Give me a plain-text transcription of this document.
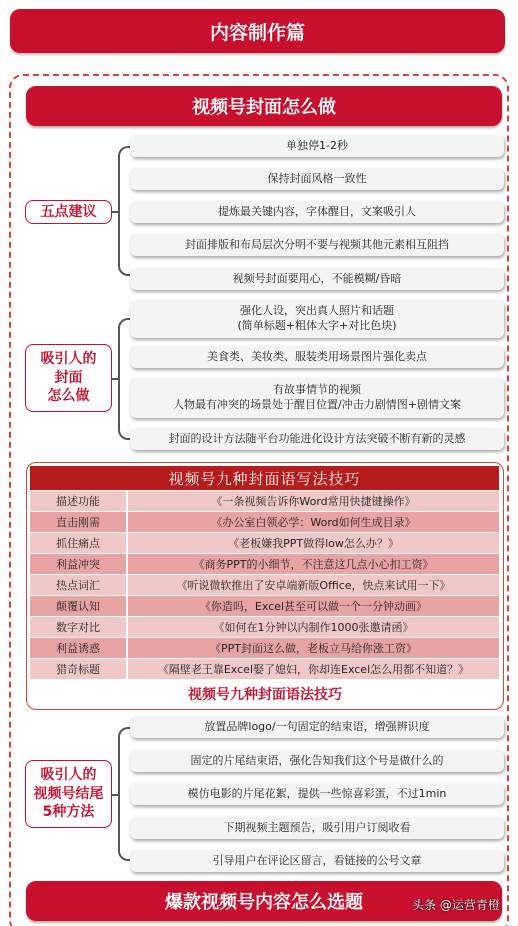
内容制作篇
视频号封面怎么做
五点建议
单独停1-2秒
保持封面风格一致性
提炼最关键内容，字体醒目，文案吸引人
封面排版和布局层次分明不要与视频其他元素相互阻挡
视频号封面要用心，不能模糊/昏暗
吸引人的
封面
怎么做
强化人设，突出真人照片和话题
(简单标题+粗体大字+对比色块)
美食类、美妆类、服装类用场景图片强化卖点
有故事情节的视频
人物最有冲突的场景处于醒目位置/冲击力剧情图+剧情文案
封面的设计方法随平台功能进化设计方法突破不断有新的灵感
视频号九种封面语写法技巧
描述功能	《一条视频告诉你Word常用快捷键操作》
直击刚需	《办公室白领必学：Word如何生成目录》
抓住痛点	《老板嫌我PPT做得low怎么办？》
利益冲突	《商务PPT的小细节，不注意这几点小心扣工资》
热点词汇	《听说微软推出了安卓端新版Office，快点来试用一下》
颠覆认知	《你造吗，Excel甚至可以做一个一分钟动画》
数字对比	《如何在1分钟以内制作1000张邀请函》
利益诱惑	《PPT封面这么做，老板立马给你涨工资》
猎奇标题	《隔壁老王靠Excel娶了媳妇，你却连Excel怎么用都不知道？》
视频号九种封面语法技巧
吸引人的
视频号结尾
5种方法
放置品牌logo/一句固定的结束语，增强辨识度
固定的片尾结束语，强化告知我们这个号是做什么的
模仿电影的片尾花絮，提供一些惊喜彩蛋，不过1min
下期视频主题预告，吸引用户订阅收看
引导用户在评论区留言，看链接的公号文章
爆款视频号内容怎么选题	头条 @运营青橙
